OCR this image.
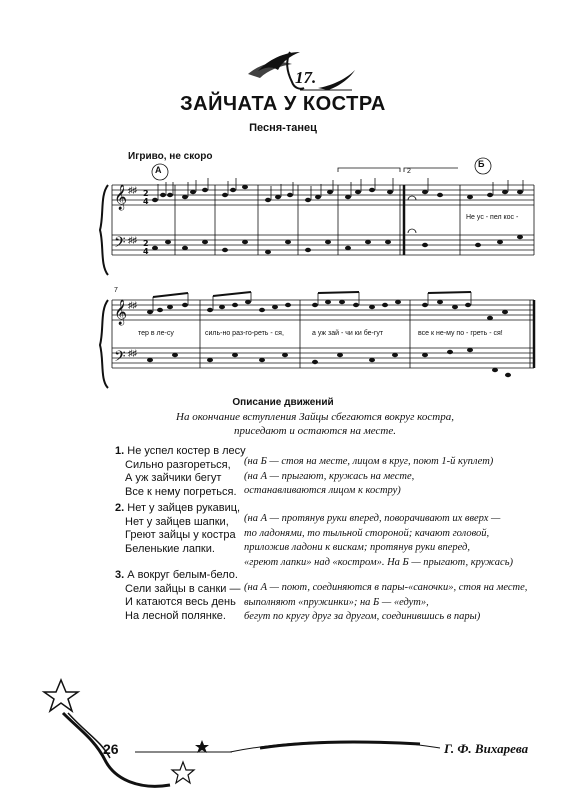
𝄞
𝄢
♯♯
♯♯
2
4
2
4
𝄞
𝄢
♯♯
♯♯
17.
ЗАЙЧАТА У КОСТРА
Песня-танец
Игриво, не скоро
A
Б
2
7
Не ус - пел кос -
тер в ле-су	силь-но раз-го-реть - ся,	а уж зай - чи ки бе-гут	все к не-му по - греть - ся!
Описание движений
На окончание вступления Зайцы сбегаются вокруг костра,
приседают и остаются на месте.
1. Не успел костер в лесу
Сильно разгореться,
А уж зайчики бегут
Все к нему погреться.
(на Б — стоя на месте, лицом в круг, поют 1-й куплет)
(на А — прыгают, кружась на месте,
останавливаются лицом к костру)
2. Нет у зайцев рукавиц,
Нет у зайцев шапки,
Греют зайцы у костра
Беленькие лапки.
(на А — протянув руки вперед, поворачивают их вверх —
то ладонями, то тыльной стороной; качают головой,
приложив ладони к вискам; протянув руки вперед,
«греют лапки» над «костром». На Б — прыгают, кружась)
3. А вокруг белым-бело.
Сели зайцы в санки —
И катаются весь день
На лесной полянке.
(на А — поют, соединяются в пары-«саночки», стоя на месте,
выполняют «пружинки»; на Б — «едут»,
бегут по кругу друг за другом, соединившись в пары)
26	Г. Ф. Вихарева
